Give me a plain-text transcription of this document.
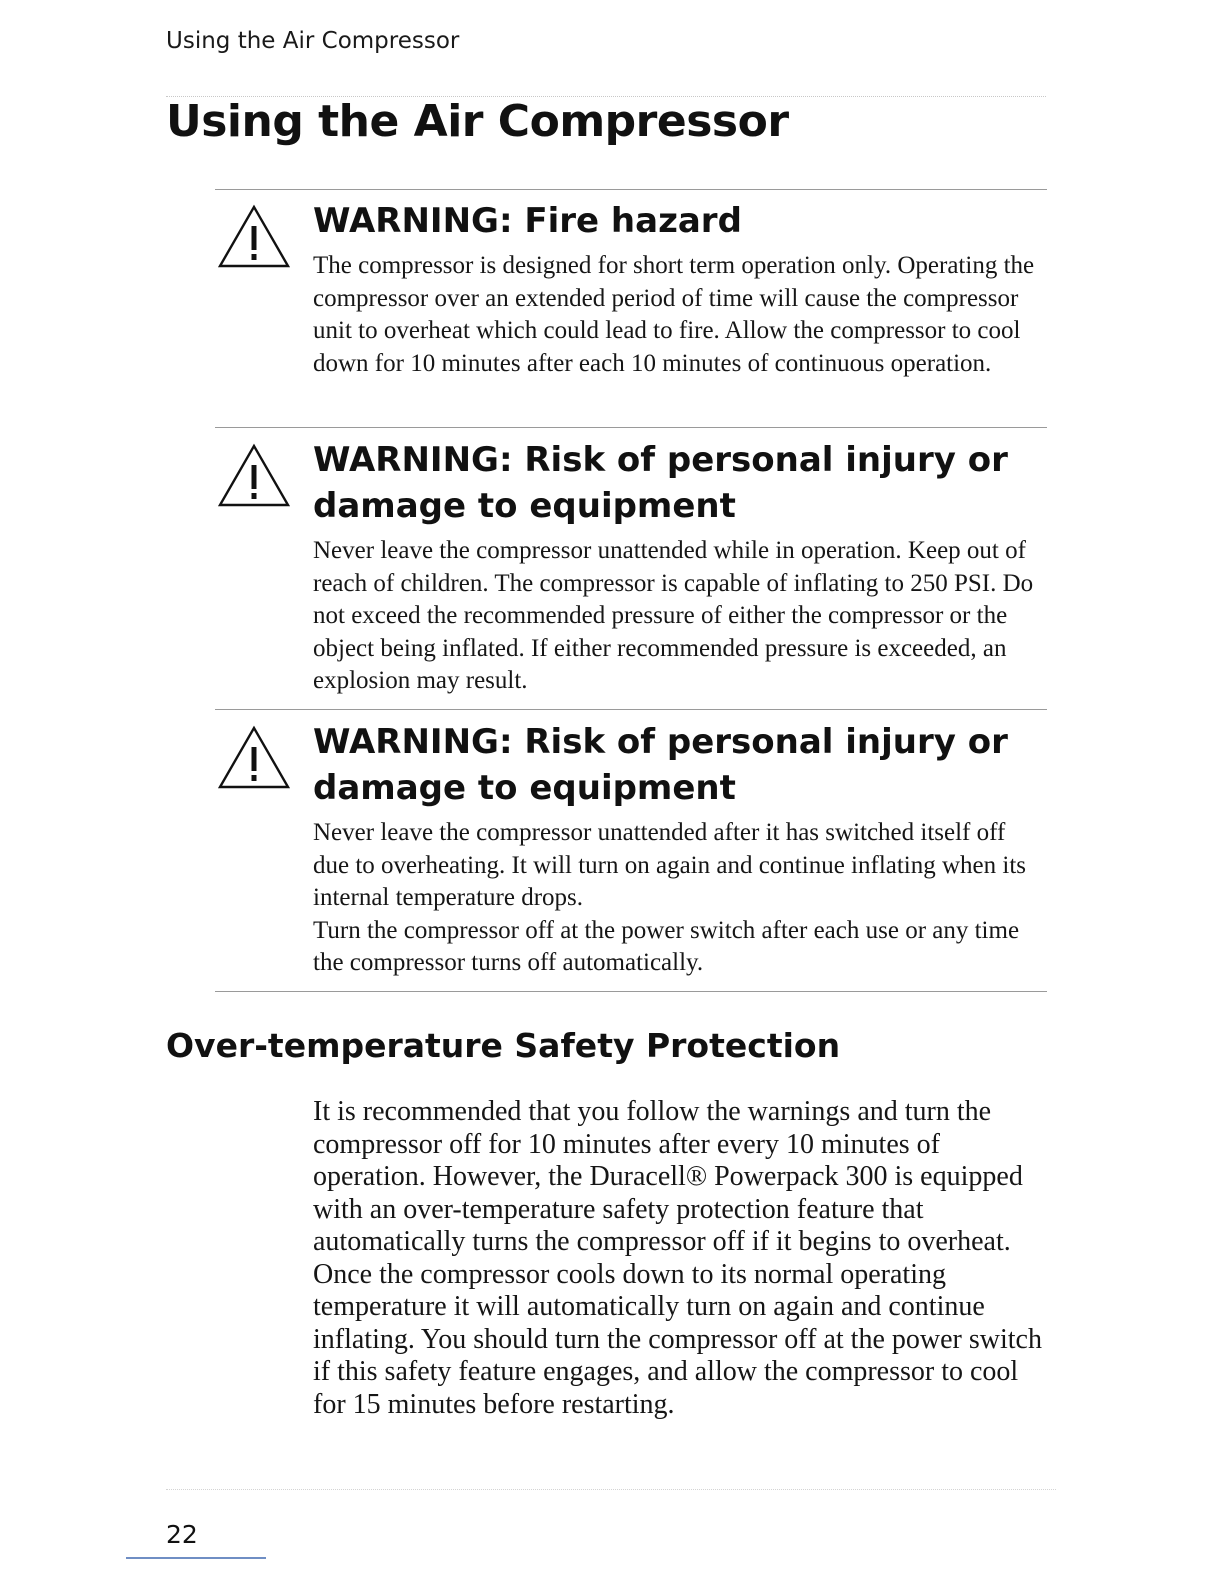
Using the Air Compressor
Using the Air Compressor
WARNING: Fire hazard

The compressor is designed for short term operation only. Operating the compressor over an extended period of time will cause the compressor unit to overheat which could lead to fire. Allow the compressor to cool down for 10 minutes after each 10 minutes of continuous operation.

WARNING: Risk of personal injury or damage to equipment

Never leave the compressor unattended while in operation. Keep out of reach of children. The compressor is capable of inflating to 250 PSI. Do not exceed the recommended pressure of either the compressor or the object being inflated. If either recommended pressure is exceeded, an explosion may result.

WARNING: Risk of personal injury or damage to equipment

Never leave the compressor unattended after it has switched itself off due to overheating. It will turn on again and continue inflating when its internal temperature drops.

Turn the compressor off at the power switch after each use or any time the compressor turns off automatically.

Over-temperature Safety Protection

It is recommended that you follow the warnings and turn the compressor off for 10 minutes after every 10 minutes of operation. However, the Duracell® Powerpack 300 is equipped with an over-temperature safety protection feature that automatically turns the compressor off if it begins to overheat. Once the compressor cools down to its normal operating temperature it will automatically turn on again and continue inflating. You should turn the compressor off at the power switch if this safety feature engages, and allow the compressor to cool for 15 minutes before restarting.

22
